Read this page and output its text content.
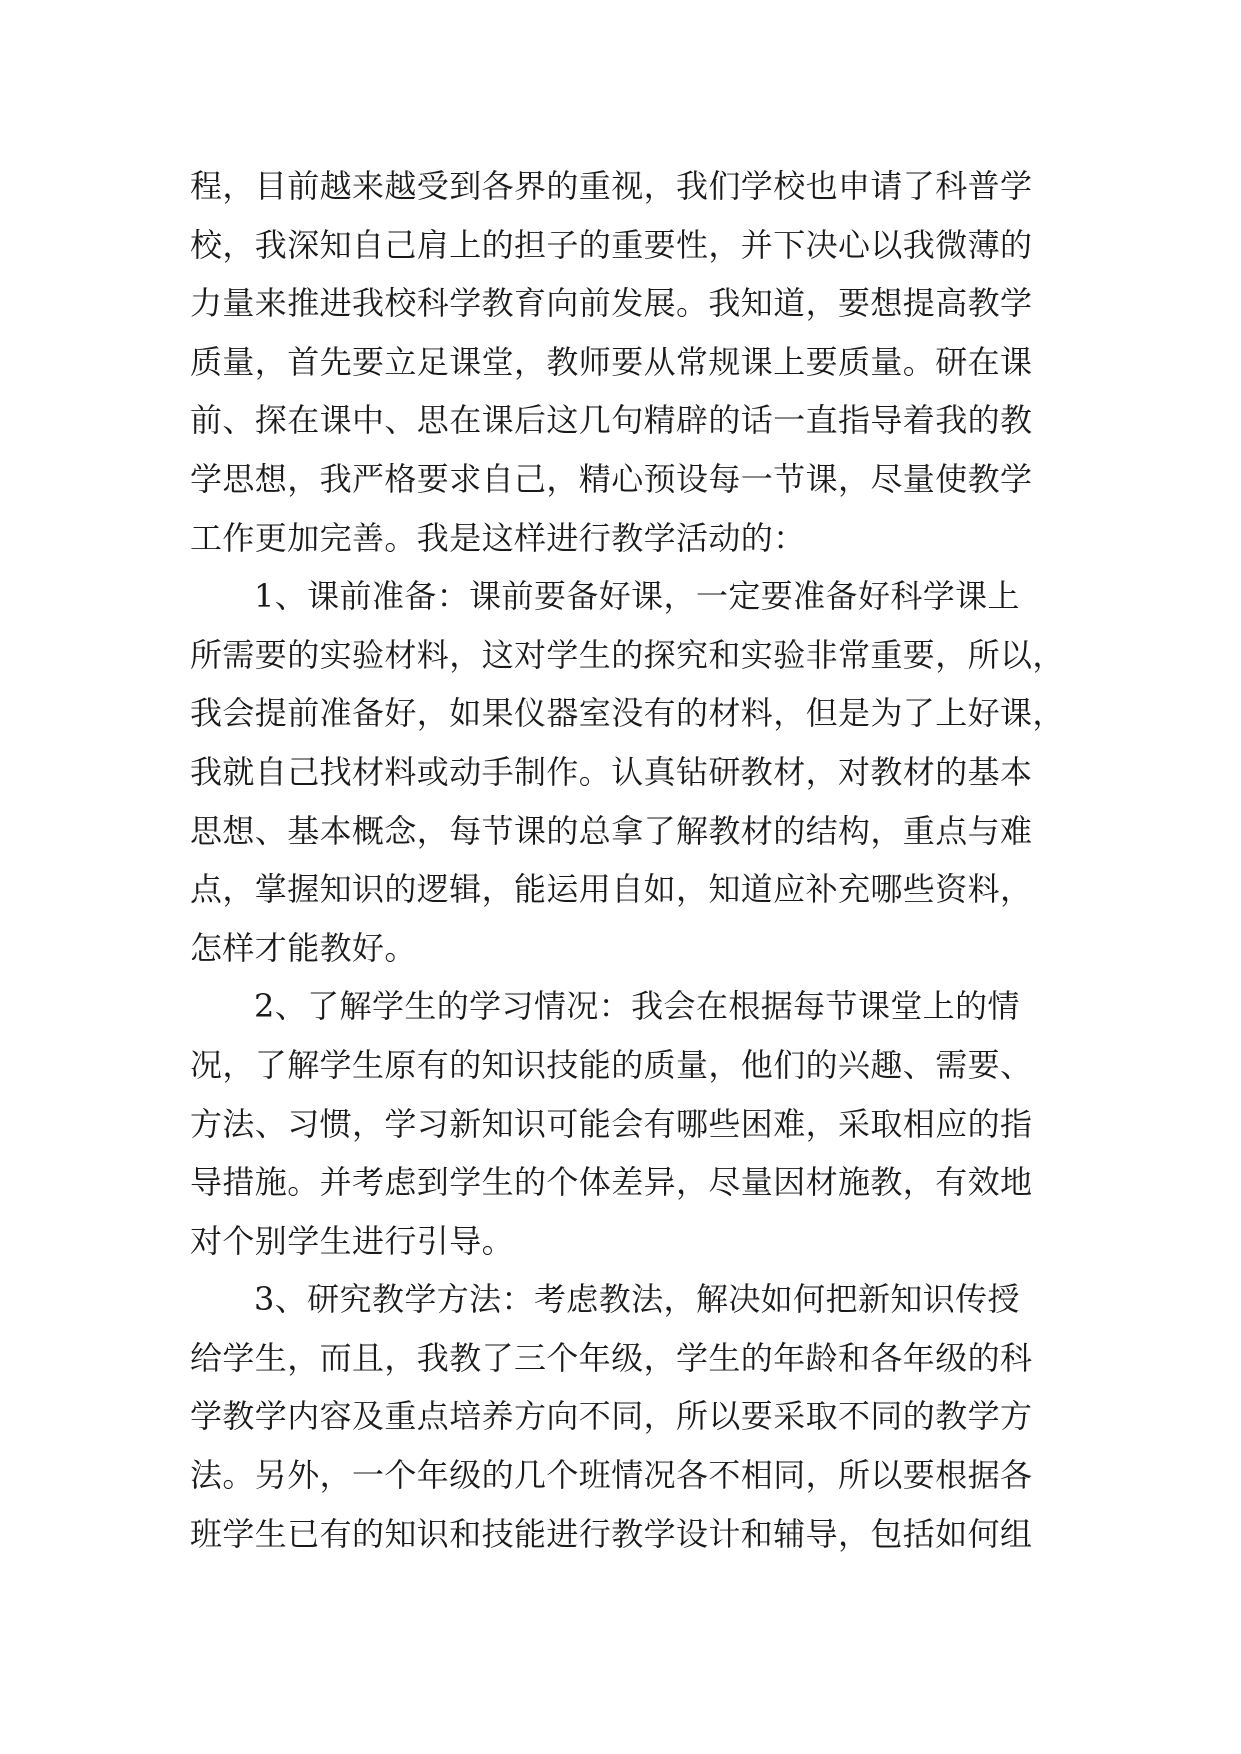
程，目前越来越受到各界的重视，我们学校也申请了科普学
校，我深知自己肩上的担子的重要性，并下决心以我微薄的
力量来推进我校科学教育向前发展。我知道，要想提高教学
质量，首先要立足课堂，教师要从常规课上要质量。研在课
前、探在课中、思在课后这几句精辟的话一直指导着我的教
学思想，我严格要求自己，精心预设每一节课，尽量使教学
工作更加完善。我是这样进行教学活动的：
1、课前准备：课前要备好课，一定要准备好科学课上
所需要的实验材料，这对学生的探究和实验非常重要，所以，
我会提前准备好，如果仪器室没有的材料，但是为了上好课，
我就自己找材料或动手制作。认真钻研教材，对教材的基本
思想、基本概念，每节课的总拿了解教材的结构，重点与难
点，掌握知识的逻辑，能运用自如，知道应补充哪些资料，
怎样才能教好。
2、了解学生的学习情况：我会在根据每节课堂上的情
况，了解学生原有的知识技能的质量，他们的兴趣、需要、
方法、习惯，学习新知识可能会有哪些困难，采取相应的指
导措施。并考虑到学生的个体差异，尽量因材施教，有效地
对个别学生进行引导。
3、研究教学方法：考虑教法，解决如何把新知识传授
给学生，而且，我教了三个年级，学生的年龄和各年级的科
学教学内容及重点培养方向不同，所以要采取不同的教学方
法。另外，一个年级的几个班情况各不相同，所以要根据各
班学生已有的知识和技能进行教学设计和辅导，包括如何组
